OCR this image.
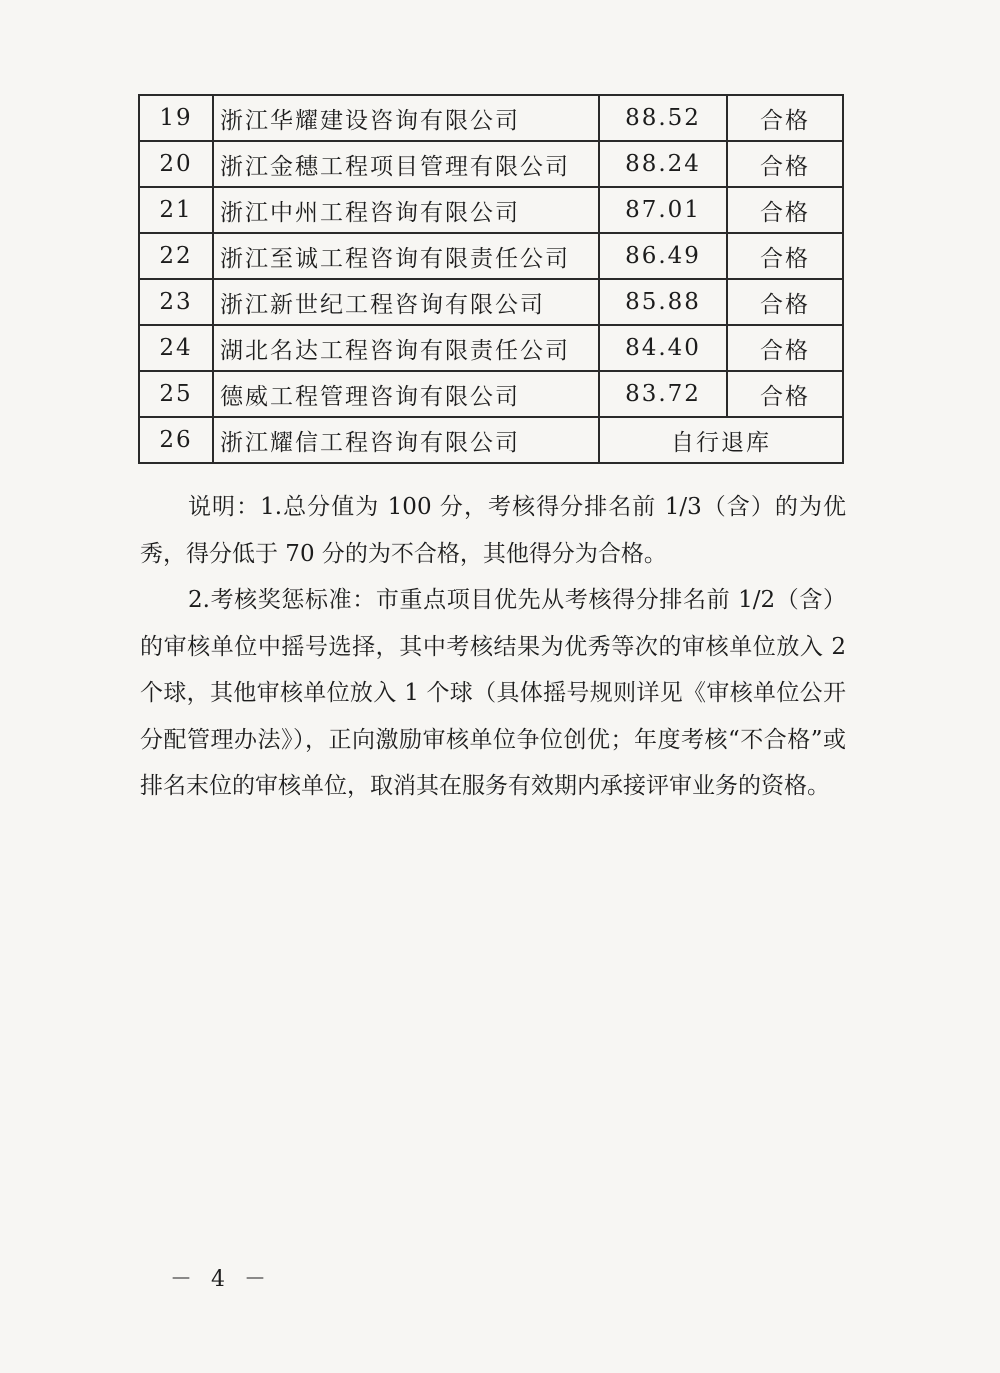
19	浙江华耀建设咨询有限公司	88.52	合格
20	浙江金穗工程项目管理有限公司	88.24	合格
21	浙江中州工程咨询有限公司	87.01	合格
22	浙江至诚工程咨询有限责任公司	86.49	合格
23	浙江新世纪工程咨询有限公司	85.88	合格
24	湖北名达工程咨询有限责任公司	84.40	合格
25	德威工程管理咨询有限公司	83.72	合格
26	浙江耀信工程咨询有限公司	自行退库	

说明：1.总分值为 100 分，考核得分排名前 1/3（含）的为优秀，得分低于 70 分的为不合格，其他得分为合格。

2.考核奖惩标准：市重点项目优先从考核得分排名前 1/2（含）的审核单位中摇号选择，其中考核结果为优秀等次的审核单位放入 2 个球，其他审核单位放入 1 个球（具体摇号规则详见《审核单位公开分配管理办法》），正向激励审核单位争位创优；年度考核“不合格”或排名末位的审核单位，取消其在服务有效期内承接评审业务的资格。

－ 4 －
